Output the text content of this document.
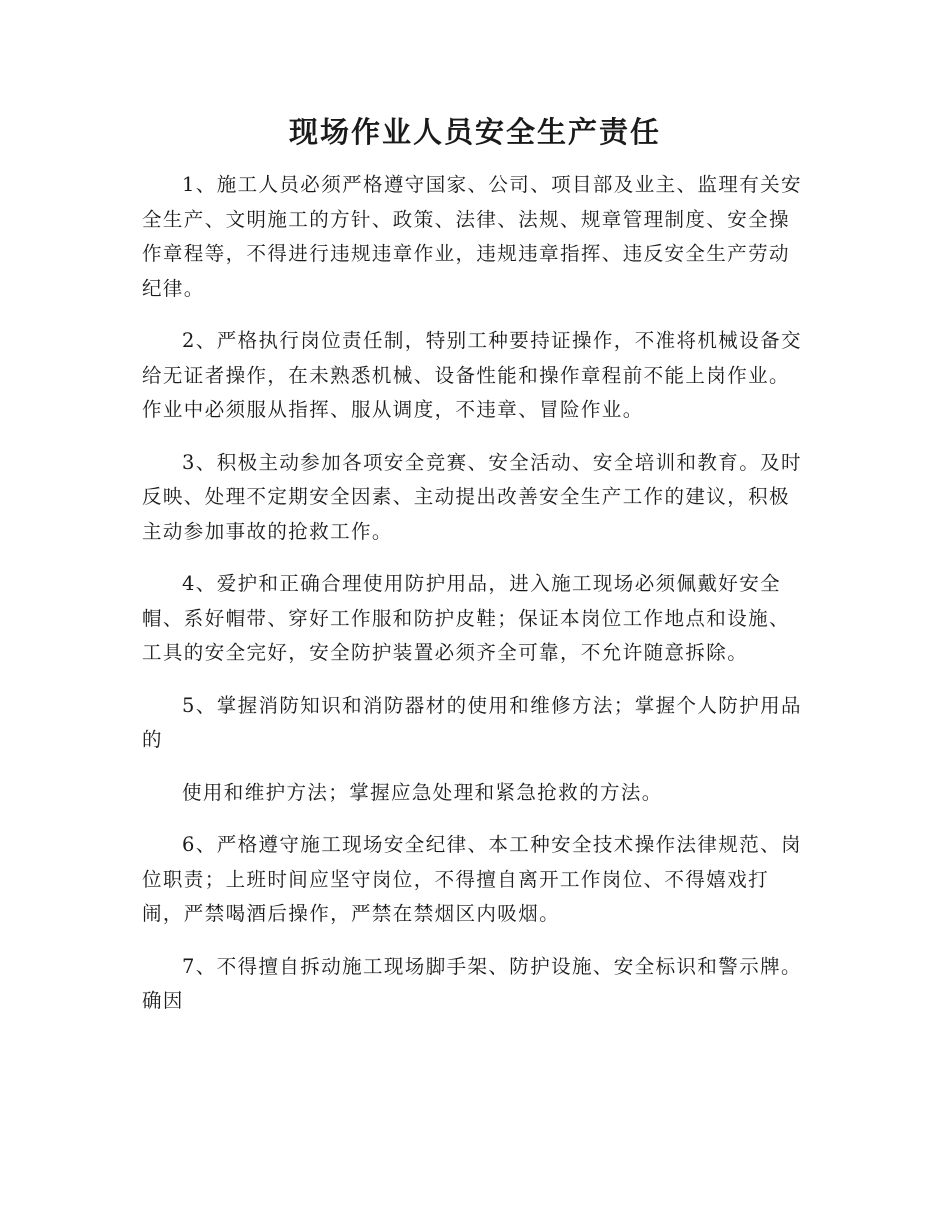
现场作业人员安全生产责任

1、施工人员必须严格遵守国家、公司、项目部及业主、监理有关安全生产、文明施工的方针、政策、法律、法规、规章管理制度、安全操作章程等，不得进行违规违章作业，违规违章指挥、违反安全生产劳动纪律。

2、严格执行岗位责任制，特别工种要持证操作，不准将机械设备交给无证者操作，在未熟悉机械、设备性能和操作章程前不能上岗作业。作业中必须服从指挥、服从调度，不违章、冒险作业。

3、积极主动参加各项安全竞赛、安全活动、安全培训和教育。及时反映、处理不定期安全因素、主动提出改善安全生产工作的建议，积极主动参加事故的抢救工作。

4、爱护和正确合理使用防护用品，进入施工现场必须佩戴好安全帽、系好帽带、穿好工作服和防护皮鞋；保证本岗位工作地点和设施、工具的安全完好，安全防护装置必须齐全可靠，不允许随意拆除。

5、掌握消防知识和消防器材的使用和维修方法；掌握个人防护用品的

使用和维护方法；掌握应急处理和紧急抢救的方法。

6、严格遵守施工现场安全纪律、本工种安全技术操作法律规范、岗位职责；上班时间应坚守岗位，不得擅自离开工作岗位、不得嬉戏打闹，严禁喝酒后操作，严禁在禁烟区内吸烟。

7、不得擅自拆动施工现场脚手架、防护设施、安全标识和警示牌。确因
